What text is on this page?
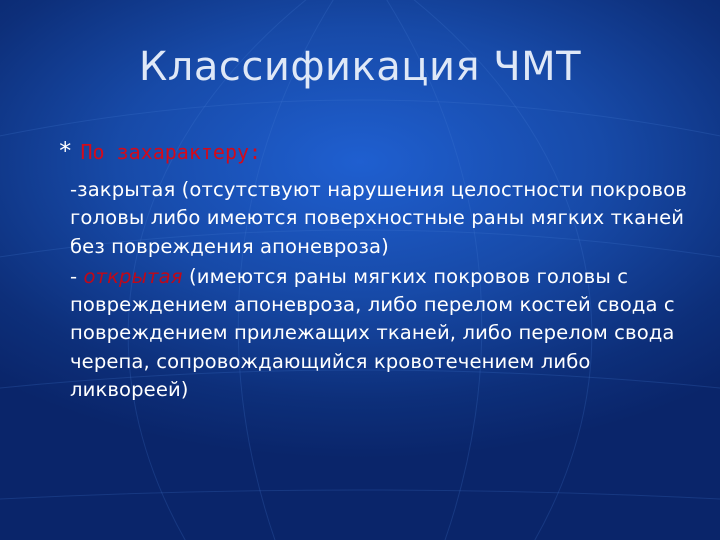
Классификация ЧМТ
* По захарактеру:

-закрытая (отсутствуют нарушения целостности покровов головы либо имеются поверхностные раны мягких тканей без повреждения апоневроза)

- открытая (имеются раны мягких покровов головы с повреждением апоневроза, либо перелом костей свода с повреждением прилежащих тканей, либо перелом свода черепа, сопровождающийся кровотечением либо ликвореей)
